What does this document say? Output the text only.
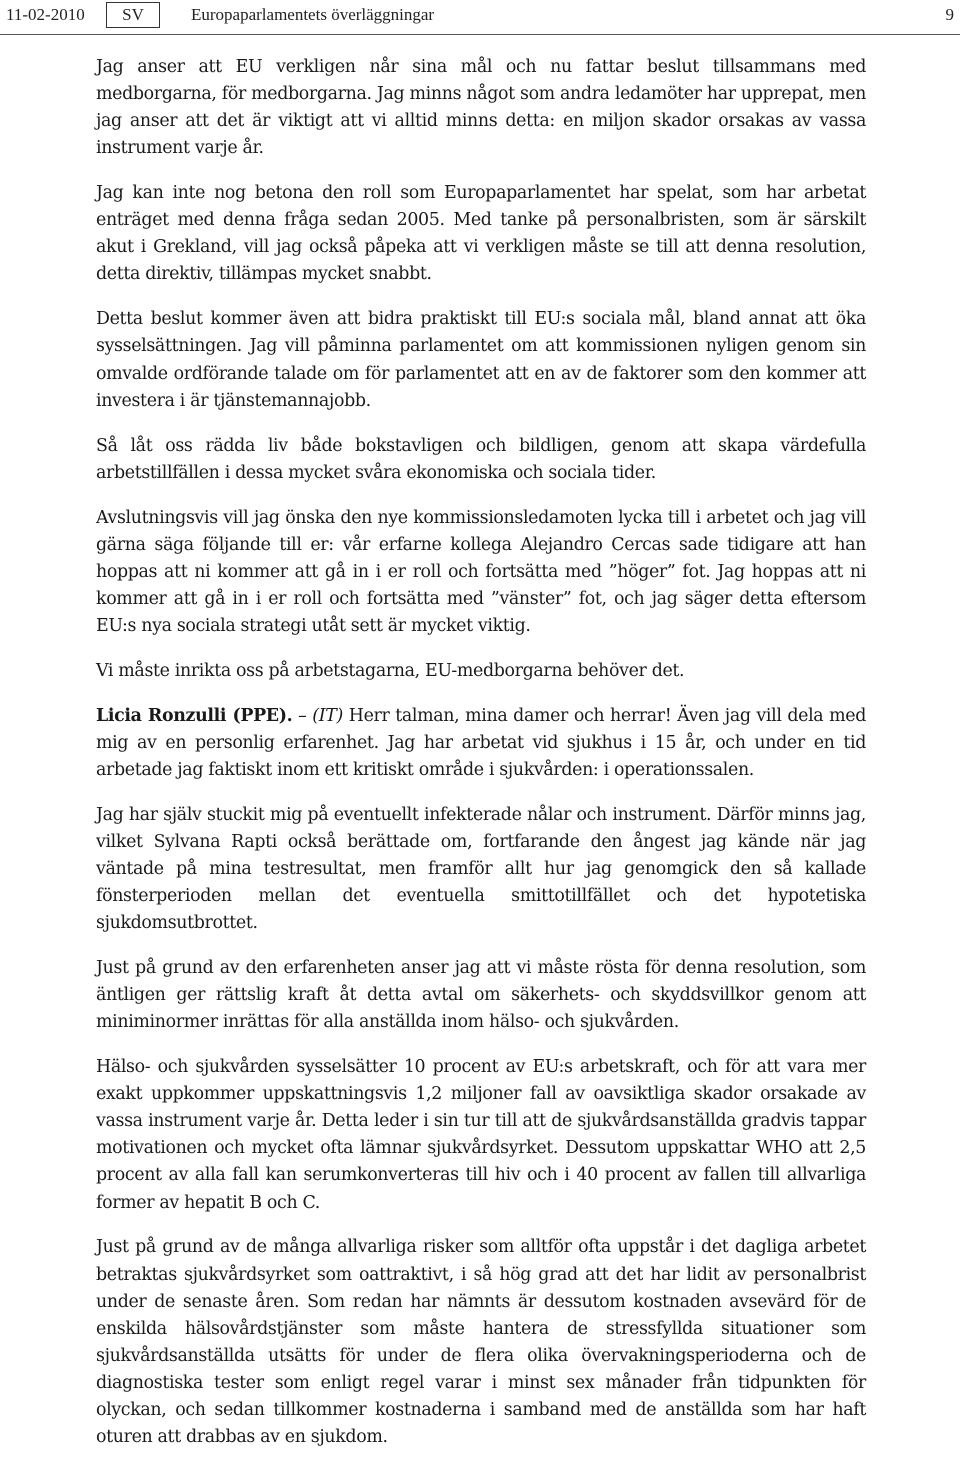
11-02-2010	SV	Europaparlamentets överläggningar	9

Jag anser att EU verkligen når sina mål och nu fattar beslut tillsammans med medborgarna, för medborgarna. Jag minns något som andra ledamöter har upprepat, men jag anser att det är viktigt att vi alltid minns detta: en miljon skador orsakas av vassa instrument varje år.

Jag kan inte nog betona den roll som Europaparlamentet har spelat, som har arbetat enträget med denna fråga sedan 2005. Med tanke på personalbristen, som är särskilt akut i Grekland, vill jag också påpeka att vi verkligen måste se till att denna resolution, detta direktiv, tillämpas mycket snabbt.

Detta beslut kommer även att bidra praktiskt till EU:s sociala mål, bland annat att öka sysselsättningen. Jag vill påminna parlamentet om att kommissionen nyligen genom sin omvalde ordförande talade om för parlamentet att en av de faktorer som den kommer att investera i är tjänstemannajobb.

Så låt oss rädda liv både bokstavligen och bildligen, genom att skapa värdefulla arbetstillfällen i dessa mycket svåra ekonomiska och sociala tider.

Avslutningsvis vill jag önska den nye kommissionsledamoten lycka till i arbetet och jag vill gärna säga följande till er: vår erfarne kollega Alejandro Cercas sade tidigare att han hoppas att ni kommer att gå in i er roll och fortsätta med ”höger” fot. Jag hoppas att ni kommer att gå in i er roll och fortsätta med ”vänster” fot, och jag säger detta eftersom EU:s nya sociala strategi utåt sett är mycket viktig.

Vi måste inrikta oss på arbetstagarna, EU-medborgarna behöver det.

Licia Ronzulli (PPE). – (IT) Herr talman, mina damer och herrar! Även jag vill dela med mig av en personlig erfarenhet. Jag har arbetat vid sjukhus i 15 år, och under en tid arbetade jag faktiskt inom ett kritiskt område i sjukvården: i operationssalen.

Jag har själv stuckit mig på eventuellt infekterade nålar och instrument. Därför minns jag, vilket Sylvana Rapti också berättade om, fortfarande den ångest jag kände när jag väntade på mina testresultat, men framför allt hur jag genomgick den så kallade fönsterperioden mellan det eventuella smittotillfället och det hypotetiska sjukdomsutbrottet.

Just på grund av den erfarenheten anser jag att vi måste rösta för denna resolution, som äntligen ger rättslig kraft åt detta avtal om säkerhets- och skyddsvillkor genom att miniminormer inrättas för alla anställda inom hälso- och sjukvården.

Hälso- och sjukvården sysselsätter 10 procent av EU:s arbetskraft, och för att vara mer exakt uppkommer uppskattningsvis 1,2 miljoner fall av oavsiktliga skador orsakade av vassa instrument varje år. Detta leder i sin tur till att de sjukvårdsanställda gradvis tappar motivationen och mycket ofta lämnar sjukvårdsyrket. Dessutom uppskattar WHO att 2,5 procent av alla fall kan serumkonverteras till hiv och i 40 procent av fallen till allvarliga former av hepatit B och C.

Just på grund av de många allvarliga risker som alltför ofta uppstår i det dagliga arbetet betraktas sjukvårdsyrket som oattraktivt, i så hög grad att det har lidit av personalbrist under de senaste åren. Som redan har nämnts är dessutom kostnaden avsevärd för de enskilda hälsovårdstjänster som måste hantera de stressfyllda situationer som sjukvårdsanställda utsätts för under de flera olika övervakningsperioderna och de diagnostiska tester som enligt regel varar i minst sex månader från tidpunkten för olyckan, och sedan tillkommer kostnaderna i samband med de anställda som har haft oturen att drabbas av en sjukdom.
